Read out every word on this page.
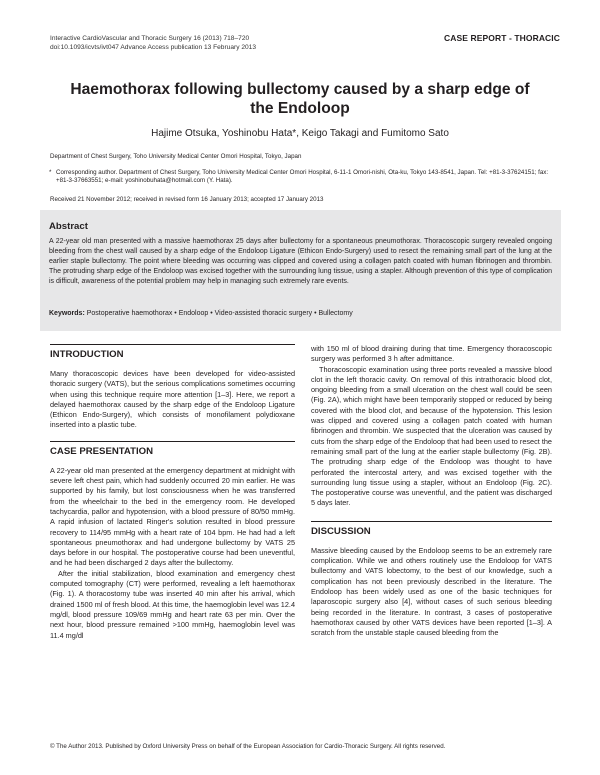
Interactive CardioVascular and Thoracic Surgery 16 (2013) 718–720
doi:10.1093/icvts/ivt047 Advance Access publication 13 February 2013
CASE REPORT - THORACIC
Haemothorax following bullectomy caused by a sharp edge of the Endoloop
Hajime Otsuka, Yoshinobu Hata*, Keigo Takagi and Fumitomo Sato
Department of Chest Surgery, Toho University Medical Center Omori Hospital, Tokyo, Japan
* Corresponding author. Department of Chest Surgery, Toho University Medical Center Omori Hospital, 6-11-1 Omori-nishi, Ota-ku, Tokyo 143-8541, Japan. Tel: +81-3-37624151; fax: +81-3-37663551; e-mail: yoshinobuhata@hotmail.com (Y. Hata).
Received 21 November 2012; received in revised form 16 January 2013; accepted 17 January 2013
Abstract
A 22-year old man presented with a massive haemothorax 25 days after bullectomy for a spontaneous pneumothorax. Thoracoscopic surgery revealed ongoing bleeding from the chest wall caused by a sharp edge of the Endoloop Ligature (Ethicon Endo-Surgery) used to resect the remaining small part of the lung at the earlier staple bullectomy. The point where bleeding was occurring was clipped and covered using a collagen patch coated with human fibrinogen and thrombin. The protruding sharp edge of the Endoloop was excised together with the surrounding lung tissue, using a stapler. Although prevention of this type of complication is difficult, awareness of the potential problem may help in managing such extremely rare events.
Keywords: Postoperative haemothorax • Endoloop • Video-assisted thoracic surgery • Bullectomy
INTRODUCTION

Many thoracoscopic devices have been developed for video-assisted thoracic surgery (VATS), but the serious complications sometimes occurring when using this technique require more attention [1–3]. Here, we report a delayed haemothorax caused by the sharp edge of the Endoloop Ligature (Ethicon Endo-Surgery), which consists of monofilament polydioxane inserted into a plastic tube.

CASE PRESENTATION

A 22-year old man presented at the emergency department at midnight with severe left chest pain, which had suddenly occurred 20 min earlier. He was supported by his family, but lost consciousness when he was transferred from the wheelchair to the bed in the emergency room. He developed tachycardia, pallor and hypotension, with a blood pressure of 80/50 mmHg. A rapid infusion of lactated Ringer's solution resulted in blood pressure recovery to 114/95 mmHg with a heart rate of 104 bpm. He had had a left spontaneous pneumothorax and had undergone bullectomy by VATS 25 days before in our hospital. The postoperative course had been uneventful, and he had been discharged 2 days after the bullectomy.

After the initial stabilization, blood examination and emergency chest computed tomography (CT) were performed, revealing a left haemothorax (Fig. 1). A thoracostomy tube was inserted 40 min after his arrival, which drained 1500 ml of fresh blood. At this time, the haemoglobin level was 12.4 mg/dl, blood pressure 109/69 mmHg and heart rate 63 per min. Over the next hour, blood pressure remained >100 mmHg, haemoglobin level was 11.4 mg/dl

with 150 ml of blood draining during that time. Emergency thoracoscopic surgery was performed 3 h after admittance.

Thoracoscopic examination using three ports revealed a massive blood clot in the left thoracic cavity. On removal of this intrathoracic blood clot, ongoing bleeding from a small ulceration on the chest wall could be seen (Fig. 2A), which might have been temporarily stopped or reduced by being covered with the blood clot, and because of the hypotension. This lesion was clipped and covered using a collagen patch coated with human fibrinogen and thrombin. We suspected that the ulceration was caused by cuts from the sharp edge of the Endoloop that had been used to resect the remaining small part of the lung at the earlier staple bullectomy (Fig. 2B). The protruding sharp edge of the Endoloop was thought to have perforated the intercostal artery, and was excised together with the surrounding lung tissue using a stapler, without an Endoloop (Fig. 2C). The postoperative course was uneventful, and the patient was discharged 5 days later.

DISCUSSION

Massive bleeding caused by the Endoloop seems to be an extremely rare complication. While we and others routinely use the Endoloop for VATS bullectomy and VATS lobectomy, to the best of our knowledge, such a complication has not been previously described in the literature. The Endoloop has been widely used as one of the basic techniques for laparoscopic surgery also [4], without cases of such serious bleeding being recorded in the literature. In contrast, 3 cases of postoperative haemothorax caused by other VATS devices have been reported [1–3]. A scratch from the unstable staple caused bleeding from the

© The Author 2013. Published by Oxford University Press on behalf of the European Association for Cardio-Thoracic Surgery. All rights reserved.
